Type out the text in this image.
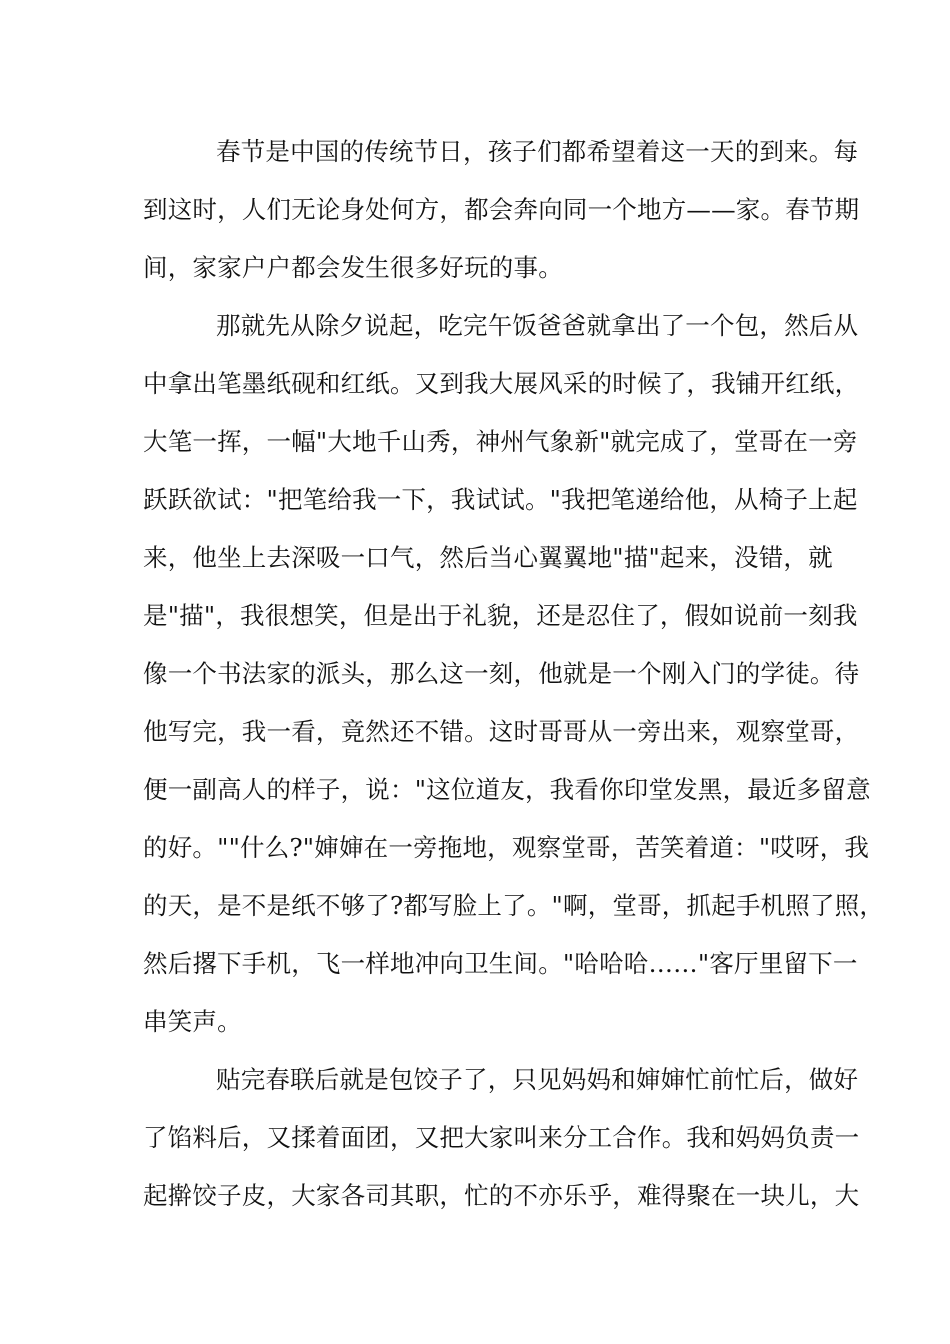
春节是中国的传统节日，孩子们都希望着这一天的到来。每
到这时，人们无论身处何方，都会奔向同一个地方——家。春节期
间，家家户户都会发生很多好玩的事。
那就先从除夕说起，吃完午饭爸爸就拿出了一个包，然后从
中拿出笔墨纸砚和红纸。又到我大展风采的时候了，我铺开红纸，
大笔一挥，一幅"大地千山秀，神州气象新"就完成了，堂哥在一旁
跃跃欲试："把笔给我一下，我试试。"我把笔递给他，从椅子上起
来，他坐上去深吸一口气，然后当心翼翼地"描"起来，没错，就
是"描"，我很想笑，但是出于礼貌，还是忍住了，假如说前一刻我
像一个书法家的派头，那么这一刻，他就是一个刚入门的学徒。待
他写完，我一看，竟然还不错。这时哥哥从一旁出来，观察堂哥，
便一副高人的样子，说："这位道友，我看你印堂发黑，最近多留意
的好。""什么?"婶婶在一旁拖地，观察堂哥，苦笑着道："哎呀，我
的天，是不是纸不够了?都写脸上了。"啊，堂哥，抓起手机照了照，
然后撂下手机，飞一样地冲向卫生间。"哈哈哈……"客厅里留下一
串笑声。
贴完春联后就是包饺子了，只见妈妈和婶婶忙前忙后，做好
了馅料后，又揉着面团，又把大家叫来分工合作。我和妈妈负责一
起擀饺子皮，大家各司其职，忙的不亦乐乎，难得聚在一块儿，大
